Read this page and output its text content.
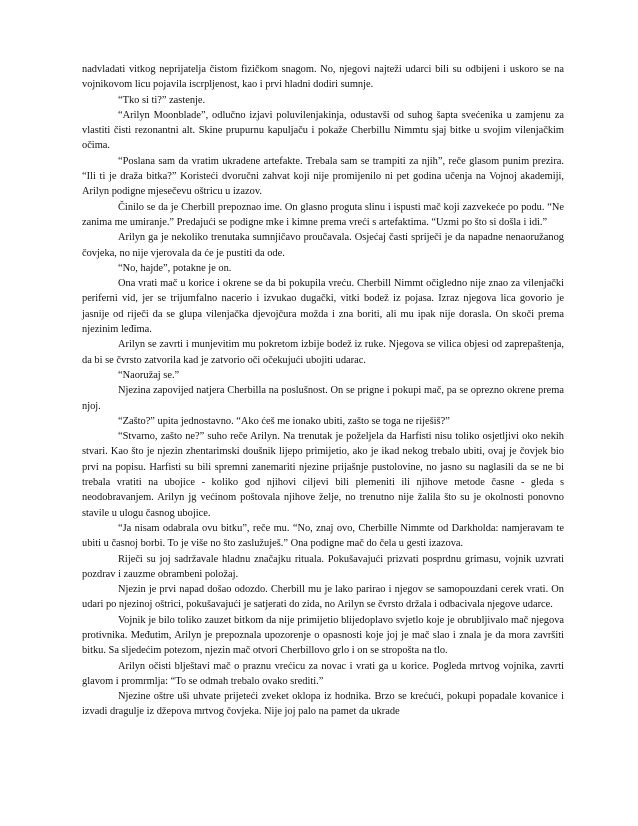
nadvladati vitkog neprijatelja čistom fizičkom snagom. No, njegovi najteži udarci bili su odbijeni i uskoro se na vojnikovom licu pojavila iscrpljenost, kao i prvi hladni dodiri sumnje.

“Tko si ti?” zastenje.

“Arilyn Moonblade”, odlučno izjavi poluvilenjakinja, odustavši od suhog šapta svećenika u zamjenu za vlastiti čisti rezonantni alt. Skine prupurnu kapuljaču i pokaže Cherbillu Nimmtu sjaj bitke u svojim vilenjačkim očima.

“Poslana sam da vratim ukradene artefakte. Trebala sam se trampiti za njih”, reče glasom punim prezira. “Ili ti je draža bitka?” Koristeći dvoručni zahvat koji nije promijenilo ni pet godina učenja na Vojnoj akademiji, Arilyn podigne mjesečevu oštricu u izazov.

Činilo se da je Cherbill prepoznao ime. On glasno proguta slinu i ispusti mač koji zazvekeće po podu. “Ne zanima me umiranje.” Predajući se podigne mke i kimne prema vreći s artefaktima. “Uzmi po što si došla i idi.”

Arilyn ga je nekoliko trenutaka sumnjičavo proučavala. Osjećaj časti spriječi je da napadne nenaoružanog čovjeka, no nije vjerovala da će je pustiti da ode.

“No, hajde”, potakne je on.

Ona vrati mač u korice i okrene se da bi pokupila vreću. Cherbill Nimmt očigledno nije znao za vilenjački periferni vid, jer se trijumfalno nacerio i izvukao dugački, vitki bodež iz pojasa. Izraz njegova lica govorio je jasnije od riječi da se glupa vilenjačka djevojčura možda i zna boriti, ali mu ipak nije dorasla. On skoči prema njezinim leđima.

Arilyn se zavrti i munjevitim mu pokretom izbije bodež iz ruke. Njegova se vilica objesi od zaprepaštenja, da bi se čvrsto zatvorila kad je zatvorio oči očekujući ubojiti udarac.

“Naoružaj se.”

Njezina zapovijed natjera Cherbilla na poslušnost. On se prigne i pokupi mač, pa se oprezno okrene prema njoj.

“Zašto?” upita jednostavno. “Ako ćeš me ionako ubiti, zašto se toga ne riješiš?”

“Stvarno, zašto ne?” suho reče Arilyn. Na trenutak je poželjela da Harfisti nisu toliko osjetljivi oko nekih stvari. Kao što je njezin zhentarimski doušnik lijepo primijetio, ako je ikad nekog trebalo ubiti, ovaj je čovjek bio prvi na popisu. Harfisti su bili spremni zanemariti njezine prijašnje pustolovine, no jasno su naglasili da se ne bi trebala vratiti na ubojice - koliko god njihovi ciljevi bili plemeniti ili njihove metode časne - gleda s neodobravanjem. Arilyn jg većinom poštovala njihove želje, no trenutno nije žalila što su je okolnosti ponovno stavile u ulogu časnog ubojice.

“Ja nisam odabrala ovu bitku”, reče mu. “No, znaj ovo, Cherbille Nimmte od Darkholda: namjeravam te ubiti u časnoj borbi. To je više no što zaslužuješ.” Ona podigne mač do čela u gesti izazova.

Riječi su joj sadržavale hladnu značajku rituala. Pokušavajući prizvati posprdnu grimasu, vojnik uzvrati pozdrav i zauzme obrambeni položaj.

Njezin je prvi napad došao odozdo. Cherbill mu je lako parirao i njegov se samopouzdani cerek vrati. On udari po njezinoj oštrici, pokušavajući je satjerati do zida, no Arilyn se čvrsto držala i odbacivala njegove udarce.

Vojnik je bilo toliko zauzet bitkom da nije primijetio blijedoplavo svjetlo koje je obrubljivalo mač njegova protivnika. Međutim, Arilyn je prepoznala upozorenje o opasnosti koje joj je mač slao i znala je da mora završiti bitku. Sa sljedećim potezom, njezin mač otvori Cherbillovo grlo i on se stropošta na tlo.

Arilyn očisti blještavi mač o praznu vrećicu za novac i vrati ga u korice. Pogleda mrtvog vojnika, zavrti glavom i promrmlja: “To se odmah trebalo ovako srediti.”

Njezine oštre uši uhvate prijeteći zveket oklopa iz hodnika. Brzo se krećući, pokupi popadale kovanice i izvadi dragulje iz džepova mrtvog čovjeka. Nije joj palo na pamet da ukrade
